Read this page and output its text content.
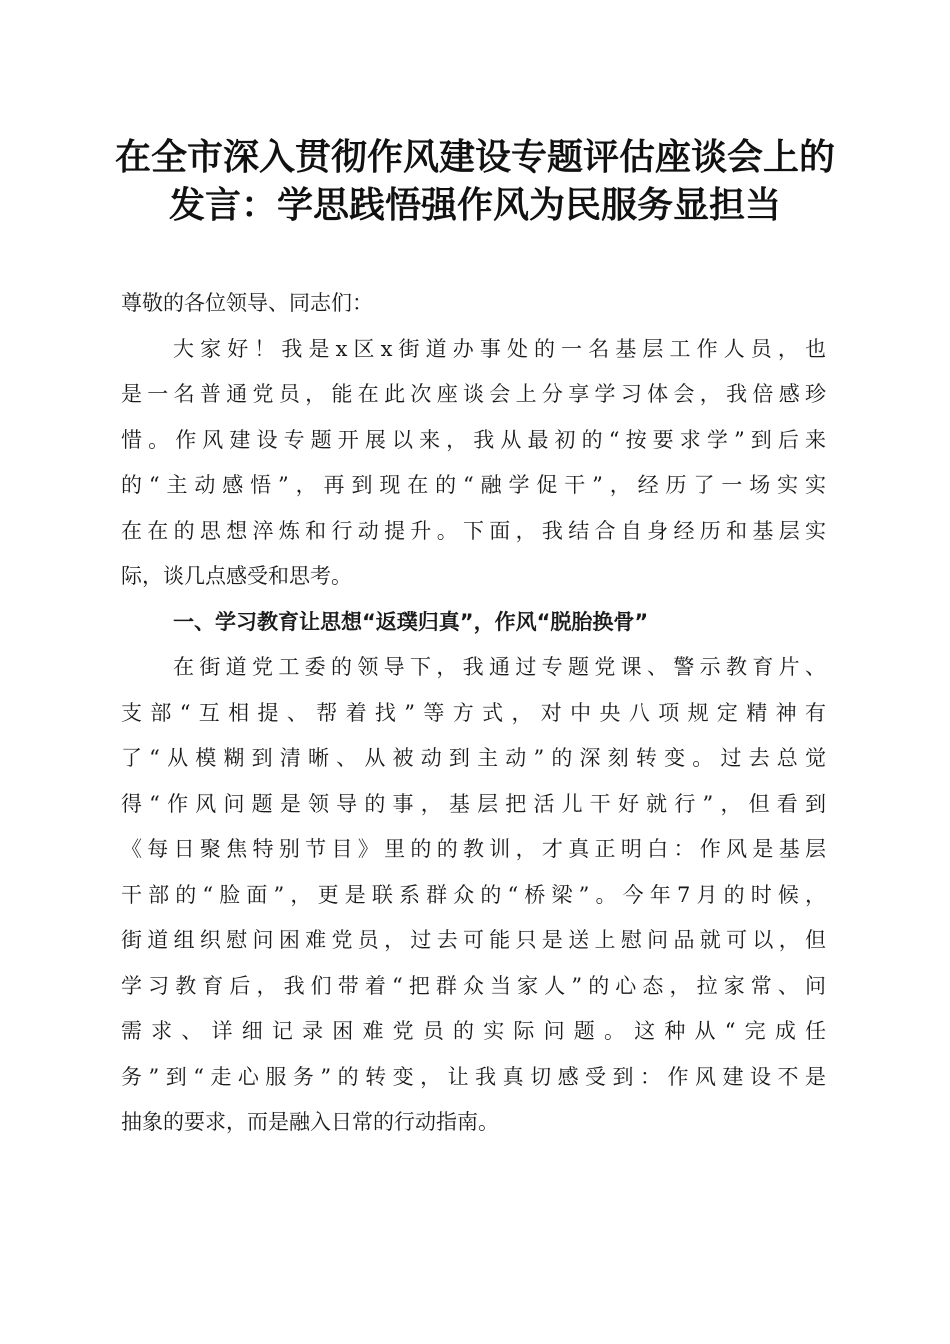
在全市深入贯彻作风建设专题评估座谈会上的
发言：学思践悟强作风为民服务显担当
尊敬的各位领导、同志们：
大家好！我是x区x街道办事处的一名基层工作人员，也
是一名普通党员，能在此次座谈会上分享学习体会，我倍感珍
惜。作风建设专题开展以来，我从最初的“按要求学”到后来
的“主动感悟”，再到现在的“融学促干”，经历了一场实实
在在的思想淬炼和行动提升。下面，我结合自身经历和基层实
际，谈几点感受和思考。
一、学习教育让思想“返璞归真”，作风“脱胎换骨”
在街道党工委的领导下，我通过专题党课、警示教育片、
支部“互相提、帮着找”等方式，对中央八项规定精神有
了“从模糊到清晰、从被动到主动”的深刻转变。过去总觉
得“作风问题是领导的事，基层把活儿干好就行”，但看到
《每日聚焦特别节目》里的的教训，才真正明白：作风是基层
干部的“脸面”，更是联系群众的“桥梁”。今年7月的时候，
街道组织慰问困难党员，过去可能只是送上慰问品就可以，但
学习教育后，我们带着“把群众当家人”的心态，拉家常、问
需求、详细记录困难党员的实际问题。这种从“完成任
务”到“走心服务”的转变，让我真切感受到：作风建设不是
抽象的要求，而是融入日常的行动指南。
